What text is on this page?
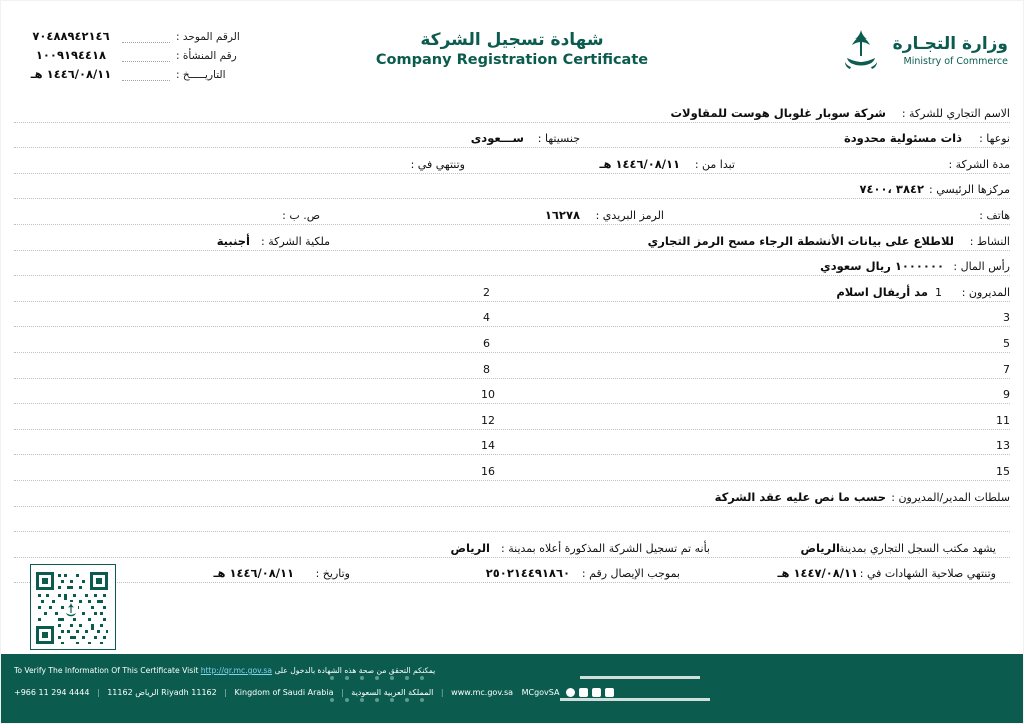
وزارة التجـارة
Ministry of Commerce
شهادة تسجيل الشركة
Company Registration Certificate
الرقم الموحد :
٧٠٤٨٨٩٤٢١٤٦
رقم المنشأة :
١٠٠٩١٩٤٤١٨
التاريـــــخ :
١٤٤٦/٠٨/١١ هـ
الاسم التجاري للشركة :
شركة سوبار غلوبال هوست للمقاولات
نوعها :
ذات مسئولية محدودة
جنسيتها :
ســـعودى
مدة الشركة :
تبدا من :
١٤٤٦/٠٨/١١ هـ
وتنتهي في :
مركزها الرئيسي :
٣٨٤٢ ،٧٤٠٠
هاتف :
الرمز البريدي :
١٦٢٧٨
ص. ب :
النشاط :
للاطلاع على بيانات الأنشطة الرجاء مسح الرمز التجاري
ملكية الشركة :
أجنبية
رأس المال :
١٠٠٠٠٠٠ ريال سعودي
المديرون :
1
مد أريفال اسلام
2
3
4
5
6
7
8
9
10
11
12
13
14
15
16
سلطات المدير/المديرون :
حسب ما نص عليه عقد الشركة
يشهد مكتب السجل التجاري بمدينة :
الرياض
بأنه تم تسجيل الشركة المذكورة أعلاه بمدينة :
الرياض
وتنتهي صلاحية الشهادات في :
١٤٤٧/٠٨/١١ هـ
بموجب الإيصال رقم :
٢٥٠٢١٤٤٩١٨٦٠
وتاريخ :
١٤٤٦/٠٨/١١ هـ
To Verify The Information Of This Certificate Visit http://qr.mc.gov.sa يمكنكم التحقق من صحة هذه الشهادة بالدخول على
+966 11 294 4444 | الرياض 11162 Riyadh 11162 | Kingdom of Saudi Arabia | المملكة العربية السعودية | www.mc.gov.sa MCgovSA
